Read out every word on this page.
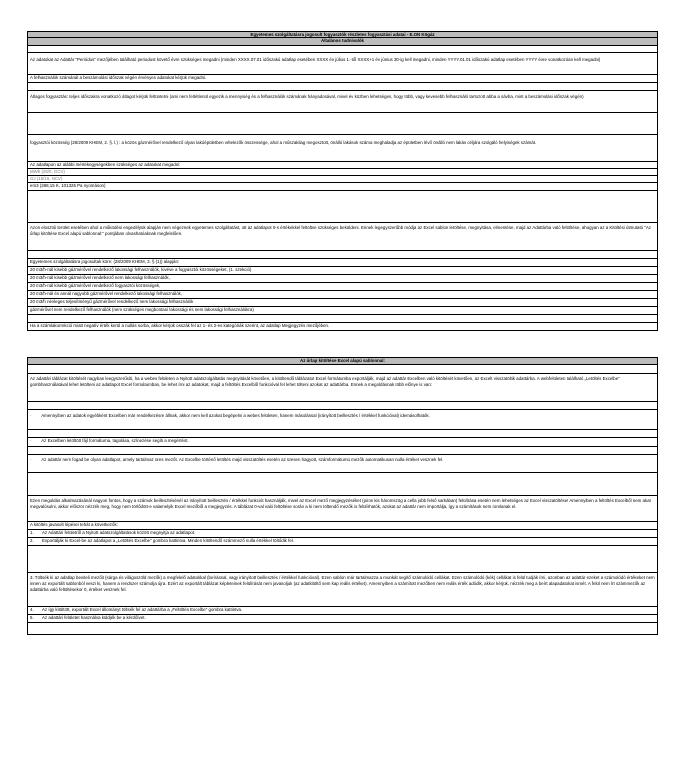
Egyetemes szolgáltatásra jogosult fogyasztók részletes fogyasztási adatai - E.ON Kögáz
Általános tudnivalók
Az adatokat az Adattár "Periódus" mezőjében található periodust követő évre szükséges megadni (minden XXXX.07.01 időszakú adatlap esetében XXXX év július 1.-től XXXX+1 év június 30-ig kell megadni, minden YYYY.01.01 időszakú adatlap esetében YYYY évre vonatkozóan kell megadni)
A felhasználók számánál a beszámolási időszak végén érvényes adatokat kérjük megadni.
Átlagos fogyasztás: teljes időszakra vonatkozó átlagot kérjük feltüntetni (ami nem feltétlenül egyezik a mennyiség és a felhasználók számának hányadosával, mivel év közben lehetséges, hogy több, vagy kevesebb felhasználó tartozott abba a sávba, mint a beszámolási időszak végén)
fogyasztói közösség (28/2009 KHEM, 2. §. l.) : a közös gázmérővel rendelkező olyan lakóépületben vételezők összessége, ahol a műszakilag megosztott, önálló lakások száma meghaladja az épületben lévő önálló nem lakás céljára szolgáló helyiségek számát.
Az adatlapon az alábbi mértékegységekben szükséges az adatokat megadni:
MWh (25/0, GCV)
GJ (15/15, NCV)
em3 (288,15 K, 101325 Pa nyomáson)
Azon elosztói terület esetében ahol a működési engedélyük alapján nem végeznek egyetemes szolgáltatást, ott az adatlapot 0-s értékekkel feltöltve szükséges beküldeni. Ennek legegyszerűbb módja az Excel sablon letöltése, megnyitása, elmentése, majd az Adattárba való feltöltése, ahogyan az a Kitöltési útmutató "Az űrlap kitöltése Excel alapú sablonnal:" pontjában olvashatóaknak megfelelően.
Egyetemes szolgáltatásra jogosultak köre: (28/2009 KHEM, 3. § (1)) alapján:
20 m3/h-nál kisebb gázmérővel rendelkező lakossági felhasználók, kivéve a fogyasztói közösségeket, (1. szekció)
20 m3/h-nál kisebb gázmérővel rendelkező nem lakossági felhasználók,
20 m3/h-nál kisebb gázmérővel rendelkező fogyasztói közösségek,
20 m3/h-nál és annál nagyobb gázmérővel rendelkező lakossági felhasználók,
20 m3/h névleges teljesítményű gázmérővel rendelkező nem lakossági felhasználók
gázmérővel nem rendelkező felhasználók (nem szükséges megbontani lakossági és nem lakossági felhasználókra)
Ha a számlakorrekció miatt negatív érték kerül a nullás sorba, akkor kérjük osszák fel az 1- és 2-es kategóriák szerint, az adatlap Megjegyzés mezőjében.
Az űrlap kitöltése Excel alapú sablonnal:
Az adattári táblázat kitöltését nagyban leegyszerűsíti, ha a webes felületen a Nyitott adatszolgáltatás megnyitását követően, a kitöltendő táblázatot Excel formátumba exportálják, majd az adattár Excelben való kitöltését követően, az Excelt visszatöltik adattárba. A webfelületen található „Letöltés Excelbe" gombhasználatával lehet letölteni az adatlapot Excel formátumban, be lehet írni az adatokat, majd a feltöltés Excelből funkcióval fel lehet tölteni azokat az adattárba. Ennek a megoldásnak több előnye is van:
·        Amennyiben az adatok egyébként Excelben már rendelkezésre állnak, akkor nem kell azokat begépelni a webes felületen, hanem másolással (irányított beillesztés / értékkel funkcióval) idemásolhatók.
·        Az Excelben letöltött fájl formátuma, tagolása, színezése segíti a megértést.
·        Az adattár nem fogad be olyan adatlapot, amely tartalmaz üres mezőt. Az Excelbe történő letöltés majd visszatöltés esetén az üresen hagyott, számformátumú mezők automatikusan nulla értéket vesznek fel.
Ezen megoldás alkalmazásánál nagyon fontos, hogy a számok beillesztésénél az irányított beillesztés / értékkel funkciót használják, mivel az Excel mező megjegyzéséket (piros kis háromszög a cella jobb felső sarkában) felülírása esetén nem lehetséges az Excel visszatöltése! Amennyiben a feltöltés Excelből nem akar megvalósulni, akkor először nézzék meg, hogy nem törlődött-e valamelyik Excel mezőből a megjegyzés. A táblázat 0-val való feltöltése során a ki nem töltendő mezők is felülírhatók, azokat az adattár nem importálja, így a számítások nem romlanak el.
A kitöltés javasolt lépései tehát a következők:
1.	Az Adattári felületről a Nyitott adatszolgáltatások között megnyitja az adatlapot.
2.	Exportálják ki Excel-be az adatlapot a „Letöltés Excelbe" gombra kattintva. Minden kitöltendő számmező nulla értékkel töltődik fel.
3. Töltsék ki az adatlap beviteli mezőit (sárga és világoszöld mezők) a megfelelő adatokkal (beírással, vagy irányított beillesztés / értékkel funkcióval). Ezen sablon már tartalmazza a munkát segítő számolódó cellákat. Ezen számolódó (kék) cellákat is felül tudják írni, azonban az adattár ezeket a számolódó értékeket nem innen az exportált sablonból veszi ki, hanem a rendszer számolja újra. Ezért az exportált táblázat képleteinek felülírását nem javasoljuk (az adatkitöltő sem kap reális értéket). Amennyiben a számított mezőben nem reális érték adódik, akkor kérjük, nézzék meg a beírt alapadatokat ismét. A felül nem írt számmezők az adattárba való feltöltésekor 0, értéket vesznek fel.
4.	Az így kitöltött, exportált Excel állományt töltsék fel az adattárba a „Feltöltés Excelbe" gombra kattintva.
5.	Az adattári felületet használva küldjék be a kérdőívet.
